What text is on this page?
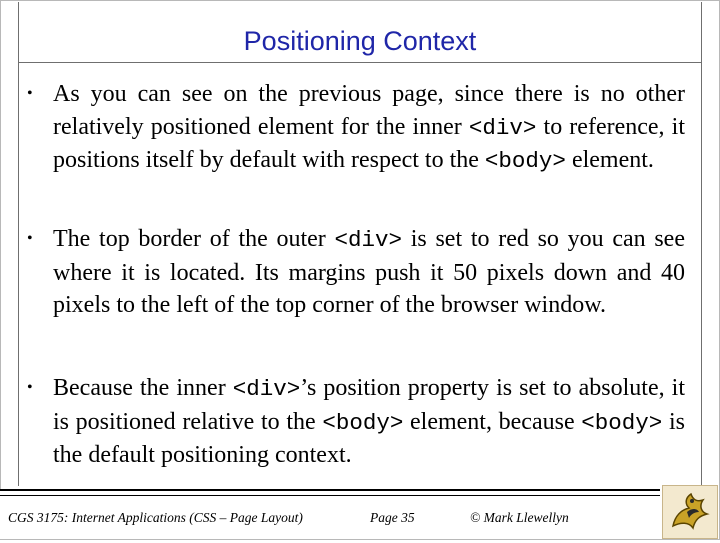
Positioning Context
• As you can see on the previous page, since there is no other relatively positioned element for the inner <div> to reference, it positions itself by default with respect to the <body> element.
• The top border of the outer <div> is set to red so you can see where it is located. Its margins push it 50 pixels down and 40 pixels to the left of the top corner of the browser window.
• Because the inner <div>’s position property is set to absolute, it is positioned relative to the <body> element, because <body> is the default positioning context.
CGS 3175: Internet Applications (CSS – Page Layout)	Page 35	© Mark Llewellyn
